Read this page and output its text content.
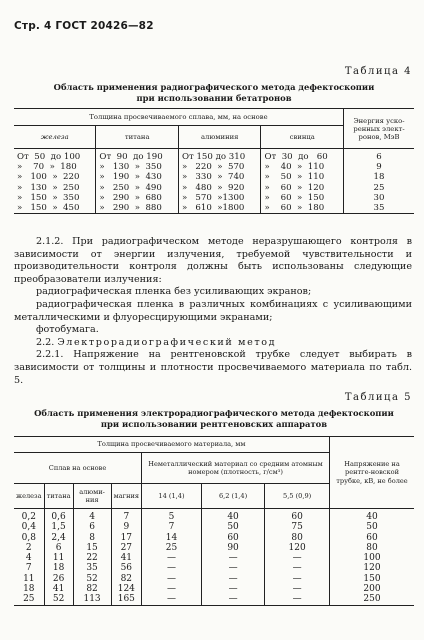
Стр. 4 ГОСТ 20426—82
Таблица 4
Область применения радиографического метода дефектоскопии
при использовании бетатронов
Толщина просвечиваемого сплава, мм, на основе				Энергия уско-ренных элект-ронов, МэВ
железа	титана	алюминия	свинца	
От  50  до 100	От  90  до 190	От 150 до 310	От  30  до   60	6
»    70  »  180	»   130  »  350	»   220  »  570	»    40  »  110	9
»   100  »  220	»   190  »  430	»   330  »  740	»    50  »  110	18
»   130  »  250	»   250  »  490	»   480  »  920	»    60  »  120	25
»   150  »  350	»   290  »  680	»   570  »1300	»    60  »  150	30
»   150  »  450	»   290  »  880	»   610  »1800	»    60  »  180	35

2.1.2. При радиографическом методе неразрушающего контроля в зависимости от энергии излучения, требуемой чувствительности и производительности контроля должны быть использованы следующие преобразователи излучения:

радиографическая пленка без усиливающих экранов;

радиографическая пленка в различных комбинациях с усиливающими металлическими и флуоресцирующими экранами;

фотобумага.

2.2. Электрорадиографический метод

2.2.1. Напряжение на рентгеновской трубке следует выбирать в зависимости от толщины и плотности просвечиваемого материала по табл. 5.

Таблица 5
Область применения электрорадиографического метода дефектоскопии
при использовании рентгеновских аппаратов
Толщина просвечиваемого материала, мм							Напряжение на рентге-новской трубке, кВ, не более
Сплав на основе				Неметаллический материал со средним атомным номером (плотность, г/см³)			
железа	титана	алюми-ния	магния	14 (1,4)	6,2 (1,4)	5,5 (0,9)	
0,2	0,6	4	7	5	40	60	40
0,4	1,5	6	9	7	50	75	50
0,8	2,4	8	17	14	60	80	60
2	6	15	27	25	90	120	80
4	11	22	41	—	—	—	100
7	18	35	56	—	—	—	120
11	26	52	82	—	—	—	150
18	41	82	124	—	—	—	200
25	52	113	165	—	—	—	250
